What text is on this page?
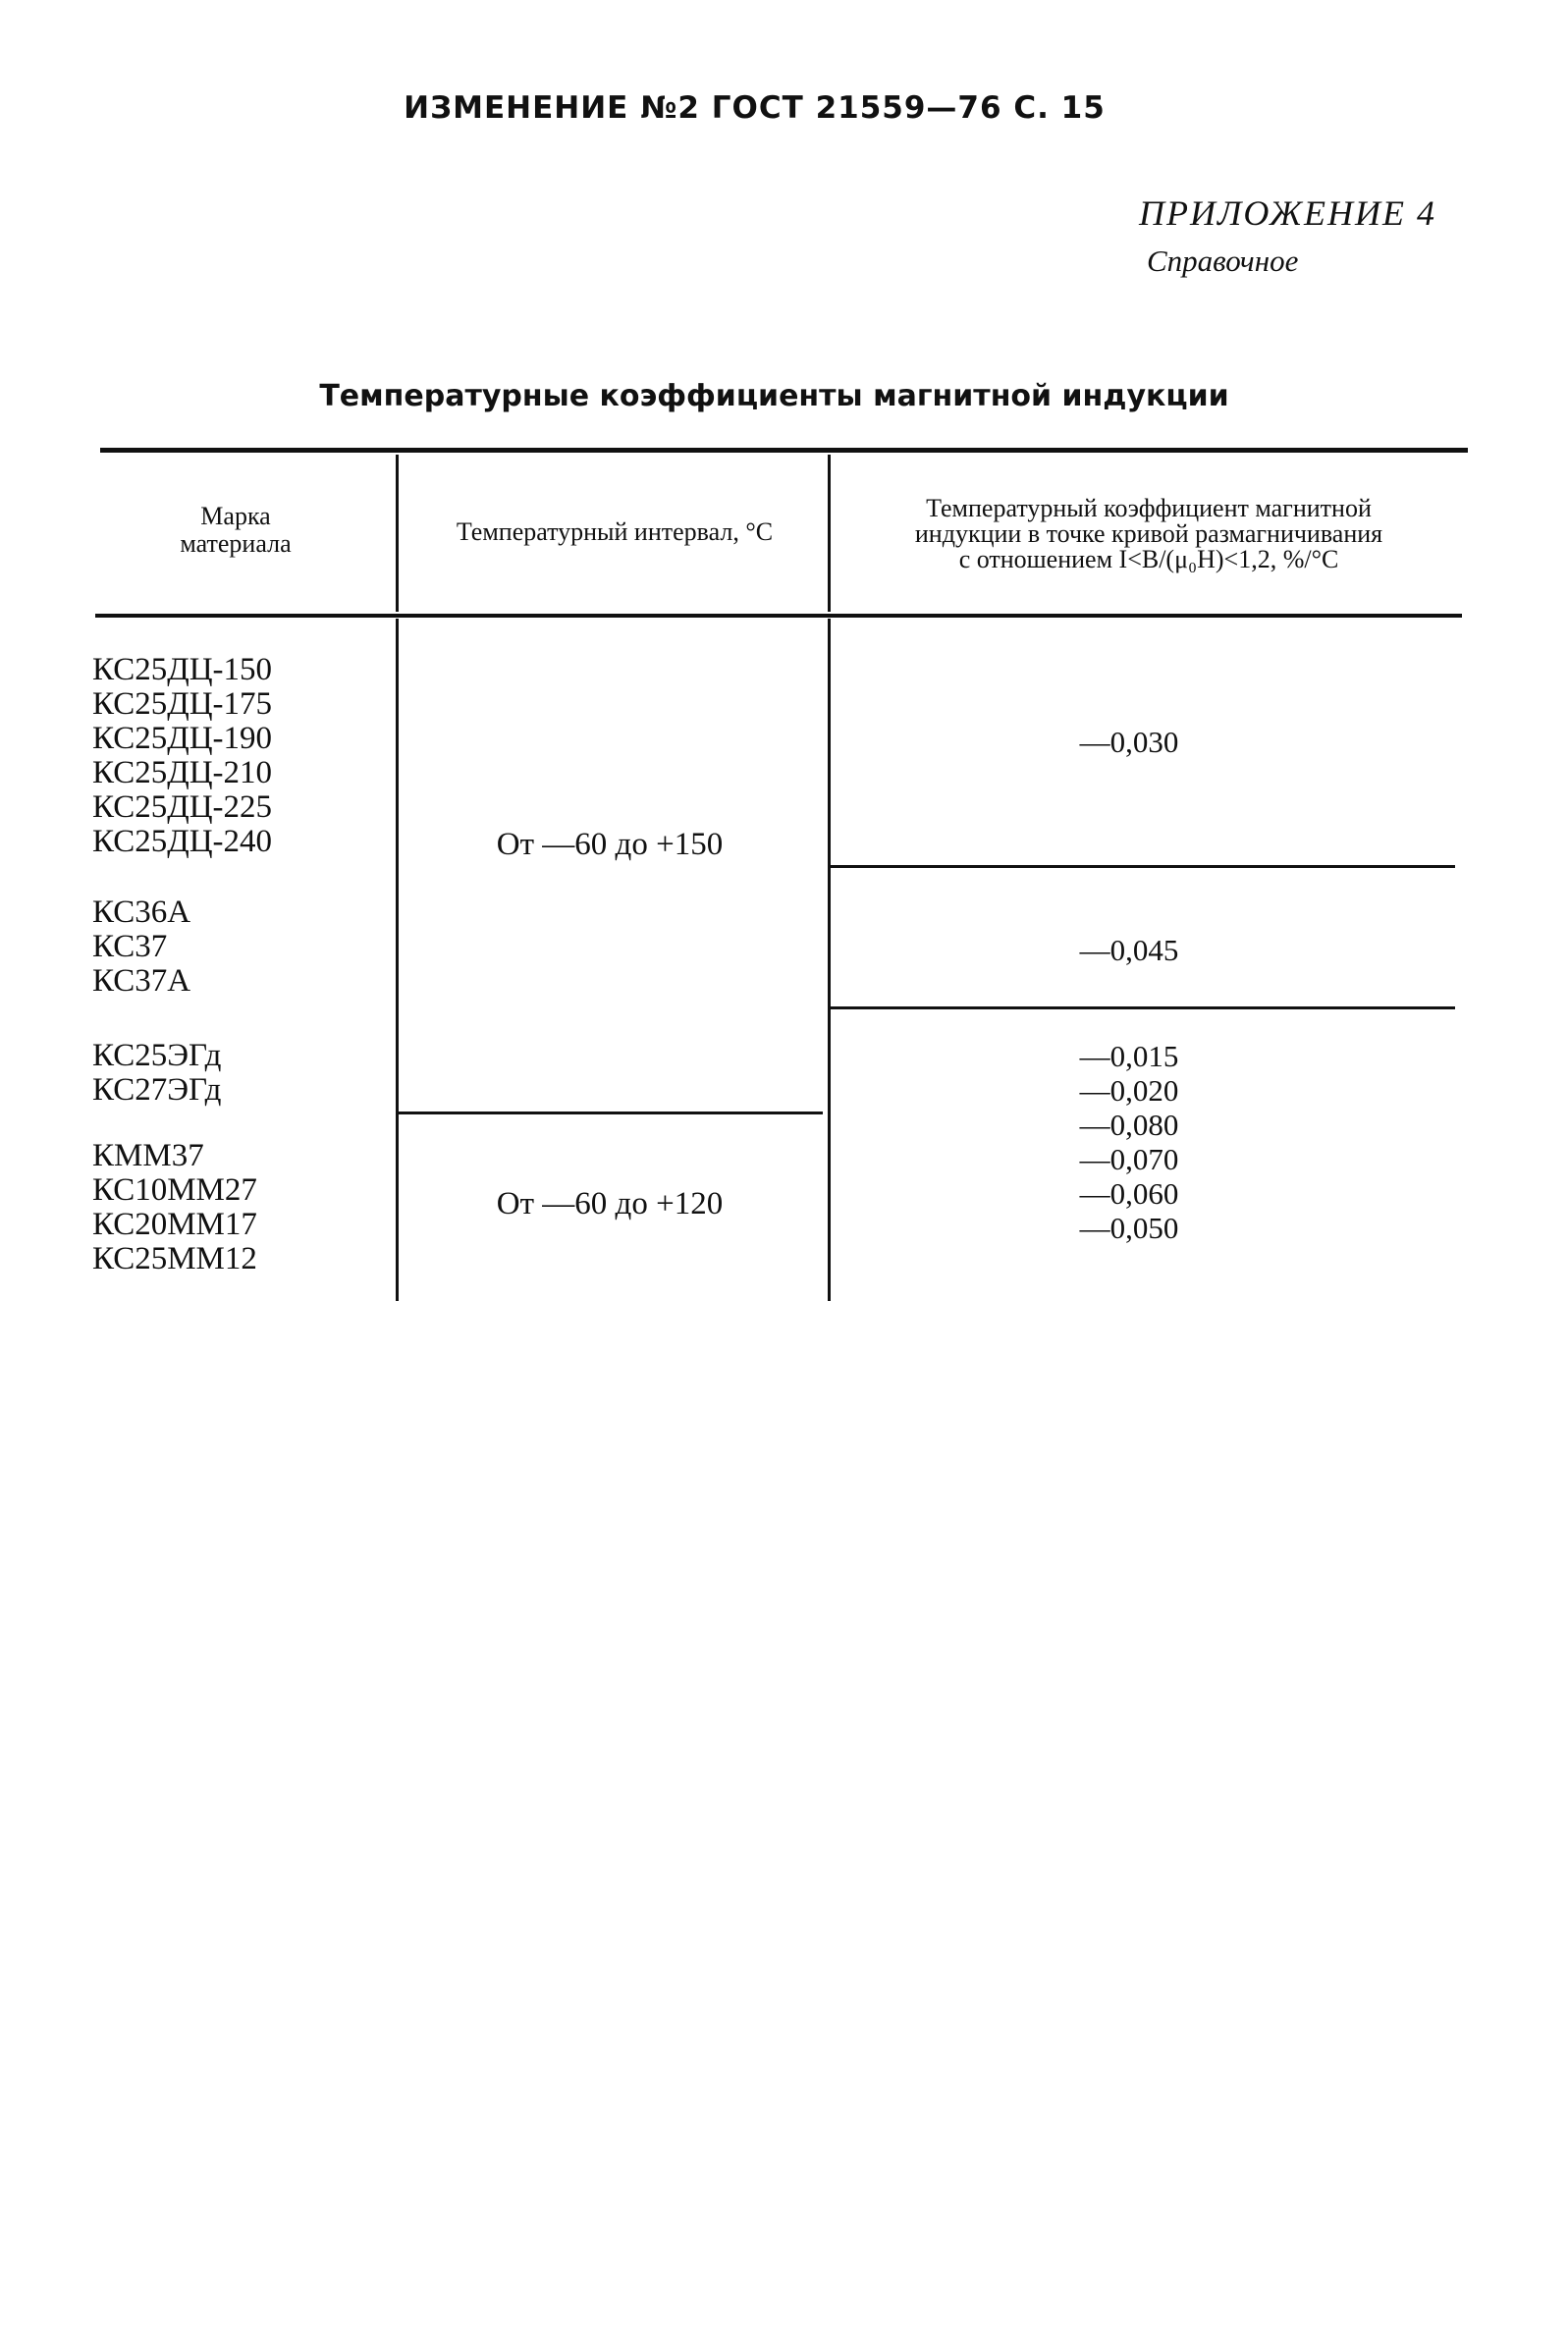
ИЗМЕНЕНИЕ №2 ГОСТ 21559—76 С. 15
ПРИЛОЖЕНИЕ 4
Справочное
Температурные коэффициенты магнитной индукции
Марка
материала	Температурный интервал, °С
Температурный коэффициент магнитной
индукции в точке кривой размагничивания
с отношением I<B/(μ₀H)<1,2, %/°С
КС25ДЦ-150
КС25ДЦ-175
КС25ДЦ-190
КС25ДЦ-210
КС25ДЦ-225
КС25ДЦ-240
КС36А
КС37
КС37А
КС25ЭГд
КС27ЭГд
КММ37
КС10ММ27
КС20ММ17
КС25ММ12
От —60 до +150
От —60 до +120
—0,030
—0,045
—0,015
—0,020
—0,080
—0,070
—0,060
—0,050
